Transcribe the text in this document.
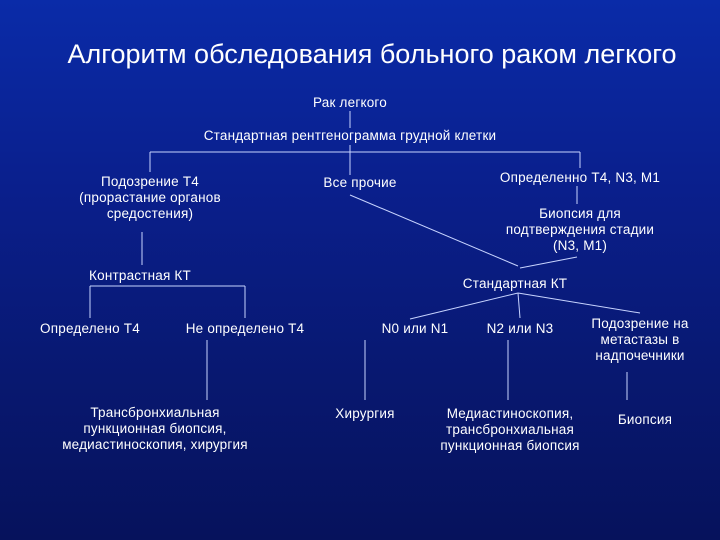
Алгоритм обследования больного раком легкого
Рак легкого
Стандартная рентгенограмма грудной клетки
Подозрение Т4
(прорастание органов
средостения)
Все прочие	Определенно Т4, N3, M1
Биопсия для
подтверждения стадии
(N3, M1)
Контрастная КТ
Стандартная КТ
Определено Т4	Не определено Т4	N0 или N1	N2 или N3	Подозрение на
метастазы в
надпочечники
Трансбронхиальная
пункционная биопсия,
медиастиноскопия, хирургия
Хирургия	Медиастиноскопия,
трансбронхиальная
пункционная биопсия
Биопсия
